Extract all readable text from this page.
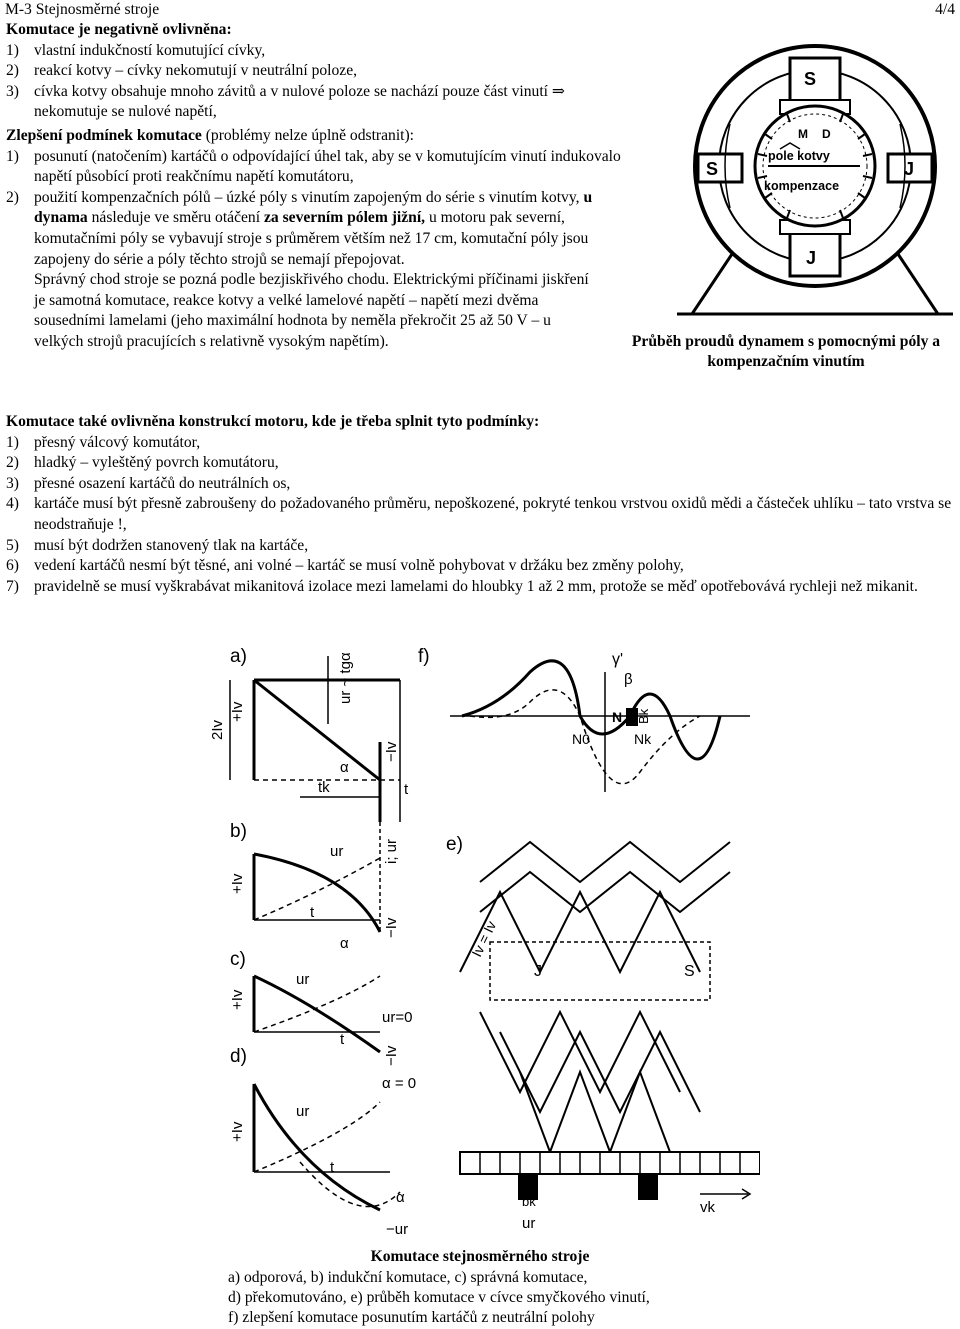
M-3 Stejnosměrné stroje	4/4
Komutace je negativně ovlivněna:
1) vlastní indukčností komutující cívky,
2) reakcí kotvy – cívky nekomutují v neutrální poloze,
3) cívka kotvy obsahuje mnoho závitů a v nulové poloze se nachází pouze část vinutí ⇒ nekomutuje se nulové napětí,
Zlepšení podmínek komutace (problémy nelze úplně odstranit):
1) posunutí (natočením) kartáčů o odpovídající úhel tak, aby se v komutujícím vinutí indukovalo napětí působící proti reakčnímu napětí komutátoru,
2) použití kompenzačních pólů – úzké póly s vinutím zapojeným do série s vinutím kotvy, u dynama následuje ve směru otáčení za severním pólem jižní, u motoru pak severní, komutačními póly se vybavují stroje s průměrem větším než 17 cm, komutační póly jsou zapojeny do série a póly těchto strojů se nemají přepojovat.
Správný chod stroje se pozná podle bezjiskřivého chodu. Elektrickými příčinami jiskření je samotná komutace, reakce kotvy a velké lamelové napětí – napětí mezi dvěma sousedními lamelami (jeho maximální hodnota by neměla překročit 25 až 50 V – u velkých strojů pracujících s relativně vysokým napětím).
S
J
S	J
M D
pole kotvy
kompenzace
Průběh proudů dynamem s pomocnými póly a kompenzačním vinutím
Komutace také ovlivněna konstrukcí motoru, kde je třeba splnit tyto podmínky:
1) přesný válcový komutátor,
2) hladký – vyleštěný povrch komutátoru,
3) přesné osazení kartáčů do neutrálních os,
4) kartáče musí být přesně zabroušeny do požadovaného průměru, nepoškozené, pokryté tenkou vrstvou oxidů mědi a částeček uhlíku – tato vrstva se neodstraňuje !,
5) musí být dodržen stanovený tlak na kartáče,
6) vedení kartáčů nesmí být těsné, ani volné – kartáč se musí volně pohybovat v držáku bez změny polohy,
7) pravidelně se musí vyškrabávat mikanitová izolace mezi lamelami do hloubky 1 až 2 mm, protože se měď opotřebovává rychleji než mikanit.
a)
b)
c)
d)
f)
e)
+Iv
2Iv
ur ~ tgα
−Iv
α
tk	t
+Iv
ur	i; ur
t
α
−Iv
+Iv
ur
t
ur=0
−Iv
α = 0
+Iv
ur
t
α
−ur
γ'
β
N Bk
N0	Nk
J	S
Iv = Iv
bk
ur
vk
Komutace stejnosměrného stroje
a) odporová, b) indukční komutace, c) správná komutace,
d) překomutováno, e) průběh komutace v cívce smyčkového vinutí,
f) zlepšení komutace posunutím kartáčů z neutrální polohy
